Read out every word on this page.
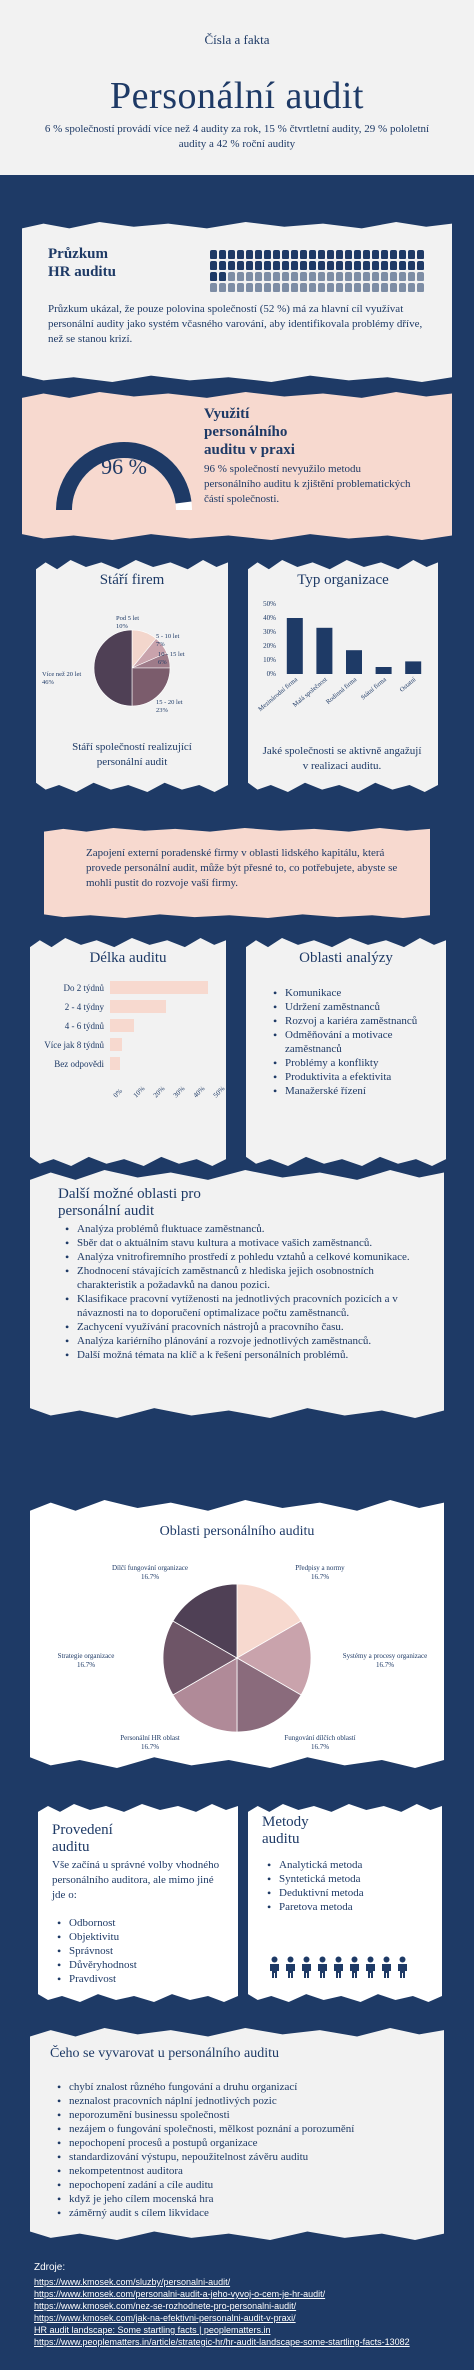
Čísla a fakta
Personální audit
6 % společností provádí více než 4 audity za rok, 15 % čtvrtletní audity, 29 % pololetní audity a 42 % roční audity
Průzkum
HR auditu
Průzkum ukázal, že pouze polovina společností (52 %) má za hlavní cíl využívat personální audity jako systém včasného varování, aby identifikovala problémy dříve, než se stanou krizí.
96 %
Využití
personálního
auditu v praxi
96 % společností nevyužilo metodu personálního auditu k zjištění problematických částí společnosti.
Stáří firem
Pod 5 let
10%
5 - 10 let
7%
10 - 15 let
6%
15 - 20 let
23%
Více než 20 let
46%
Stáří společností realizující personální audit
Typ organizace
0%
10%
20%
30%
40%
50%
Mezinárodní firma
Malá společnost
Rodinná firma Státní firma Ostatní
Jaké společnosti se aktivně angažují v realizaci auditu.
Zapojení externí poradenské firmy v oblasti lidského kapitálu, která provede personální audit, může být přesné to, co potřebujete, abyste se mohli pustit do rozvoje vaší firmy.
Délka auditu
Do 2 týdnů
2 - 4 týdny
4 - 6 týdnů
Více jak 8 týdnů
Bez odpovědi
0% 10% 20% 30% 40% 50%
Oblasti analýzy
• Komunikace
• Udržení zaměstnanců
• Rozvoj a kariéra zaměstnanců
• Odměňování a motivace zaměstnanců
• Problémy a konflikty
• Produktivita a efektivita
• Manažerské řízení
Další možné oblasti pro
personální audit
• Analýza problémů fluktuace zaměstnanců.
• Sběr dat o aktuálním stavu kultura a motivace vašich zaměstnanců.
• Analýza vnitrofiremního prostředí z pohledu vztahů a celkové komunikace.
• Zhodnocení stávajících zaměstnanců z hlediska jejich osobnostních charakteristik a požadavků na danou pozici.
• Klasifikace pracovní vytíženosti na jednotlivých pracovních pozicích a v návaznosti na to doporučení optimalizace počtu zaměstnanců.
• Zachycení využívání pracovních nástrojů a pracovního času.
• Analýza kariérního plánování a rozvoje jednotlivých zaměstnanců.
• Další možná témata na klíč a k řešení personálních problémů.
Oblasti personálního auditu
Předpisy a normy
16.7%
Systémy a procesy organizace
16.7%
Fungování dílčích oblastí
16.7%
Personální HR oblast
16.7%
Strategie organizace
16.7%
Dílčí fungování organizace
16.7%
Provedení
auditu
Vše začíná u správné volby vhodného personálního auditora, ale mimo jiné jde o:
• Odbornost
• Objektivitu
• Správnost
• Důvěryhodnost
• Pravdivost
Metody
auditu
• Analytická metoda
• Syntetická metoda
• Deduktivní metoda
• Paretova metoda
Čeho se vyvarovat u personálního auditu
• chybí znalost různého fungování a druhu organizací
• neznalost pracovních náplní jednotlivých pozic
• neporozumění businessu společnosti
• nezájem o fungování společnosti, mělkost poznání a porozumění
• nepochopení procesů a postupů organizace
• standardizování výstupu, nepoužitelnost závěru auditu
• nekompetentnost auditora
• nepochopení zadání a cíle auditu
• když je jeho cílem mocenská hra
• záměrný audit s cílem likvidace
Zdroje:
https://www.kmosek.com/sluzby/personalni-audit/
https://www.kmosek.com/personalni-audit-a-jeho-vyvoj-o-cem-je-hr-audit/
https://www.kmosek.com/nez-se-rozhodnete-pro-personalni-audit/
https://www.kmosek.com/jak-na-efektivni-personalni-audit-v-praxi/
HR audit landscape: Some startling facts | peoplematters.in
https://www.peoplematters.in/article/strategic-hr/hr-audit-landscape-some-startling-facts-13082
